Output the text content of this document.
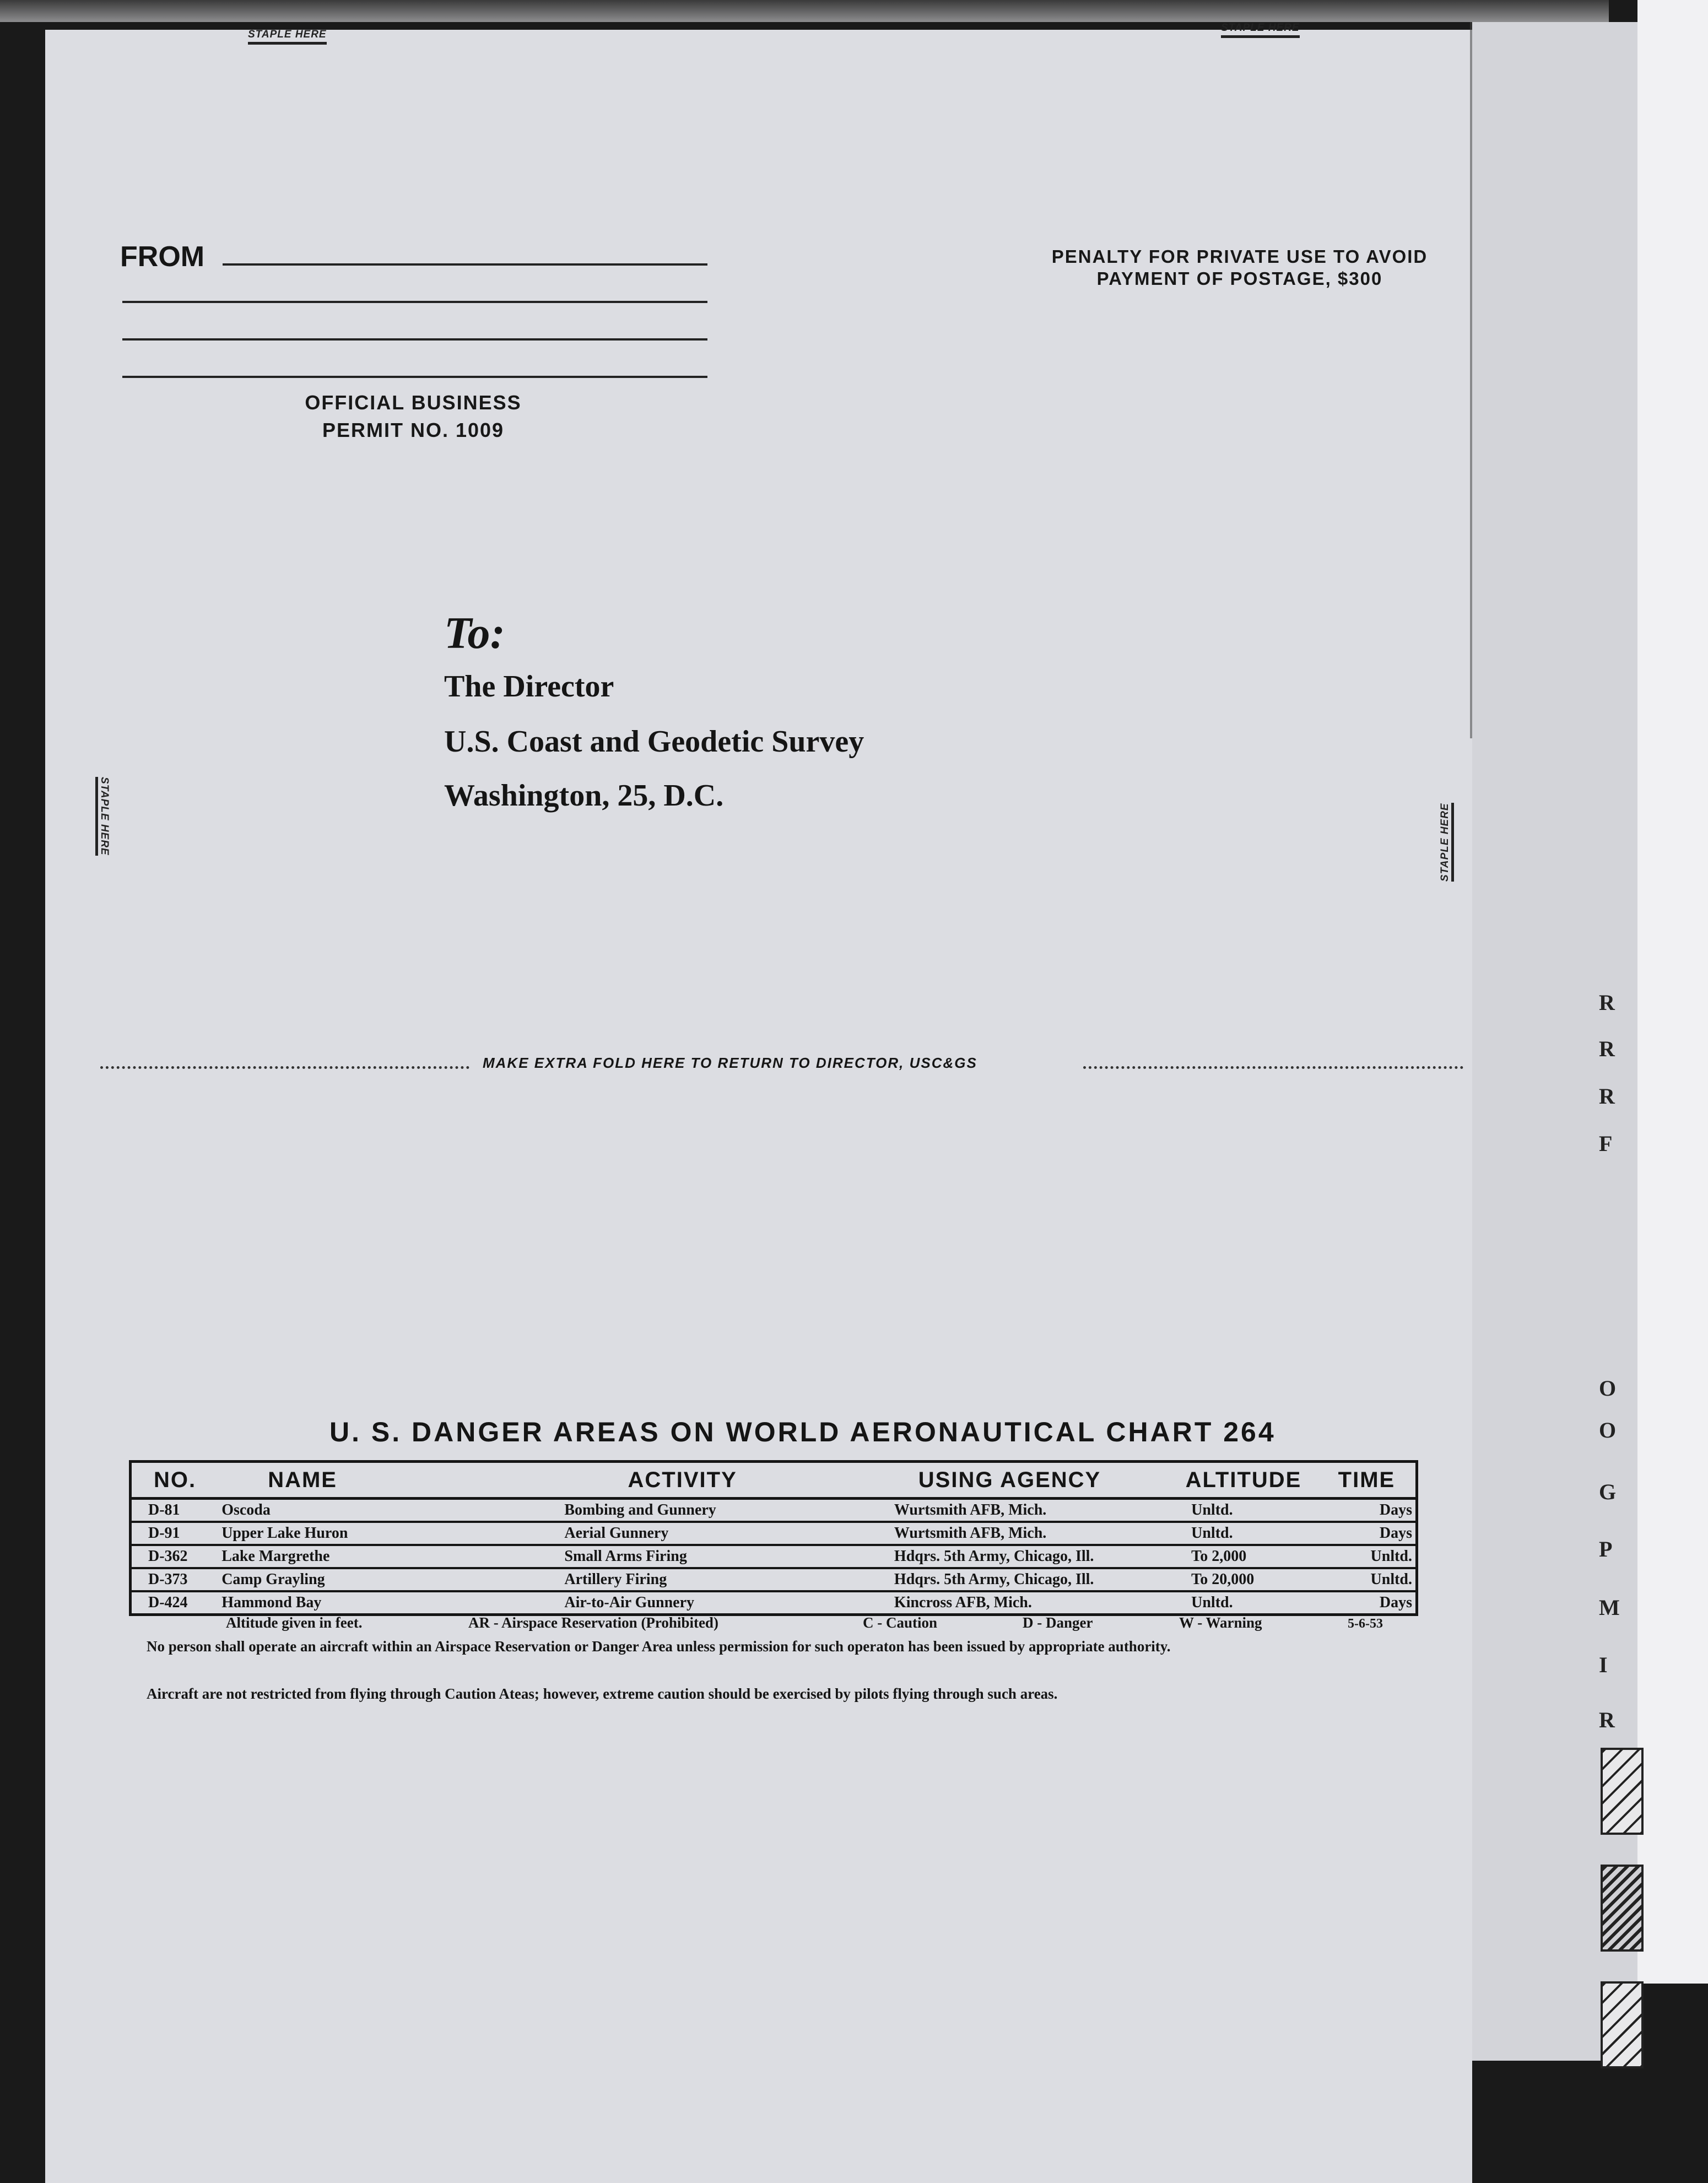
STAPLE HERE
STAPLE HERE
STAPLE HERE	STAPLE HERE
FROM	PENALTY FOR PRIVATE USE TO AVOID
PAYMENT OF POSTAGE, $300
OFFICIAL BUSINESS
PERMIT NO. 1009
To:
The Director
U.S. Coast and Geodetic Survey
Washington, 25, D.C.
MAKE EXTRA FOLD HERE TO RETURN TO DIRECTOR, USC&GS
U. S. DANGER AREAS ON WORLD AERONAUTICAL CHART 264
NO.	NAME	ACTIVITY	USING AGENCY	ALTITUDE	TIME
D-81	Oscoda	Bombing and Gunnery	Wurtsmith AFB, Mich.	Unltd.	Days
D-91	Upper Lake Huron	Aerial Gunnery	Wurtsmith AFB, Mich.	Unltd.	Days
D-362	Lake Margrethe	Small Arms Firing	Hdqrs. 5th Army, Chicago, Ill.	To 2,000	Unltd.
D-373	Camp Grayling	Artillery Firing	Hdqrs. 5th Army, Chicago, Ill.	To 20,000	Unltd.
D-424	Hammond Bay	Air-to-Air Gunnery	Kincross AFB, Mich.	Unltd.	Days
Altitude given in feet.	AR - Airspace Reservation (Prohibited)	C - Caution	D - Danger	W - Warning	5-6-53
No person shall operate an aircraft within an Airspace Reservation or Danger Area unless permission for such operaton has been issued by appropriate authority.
Aircraft are not restricted from flying through Caution Ateas; however, extreme caution should be exercised by pilots flying through such areas.
R
R
R
F
O
O
G
P
M
I
R
